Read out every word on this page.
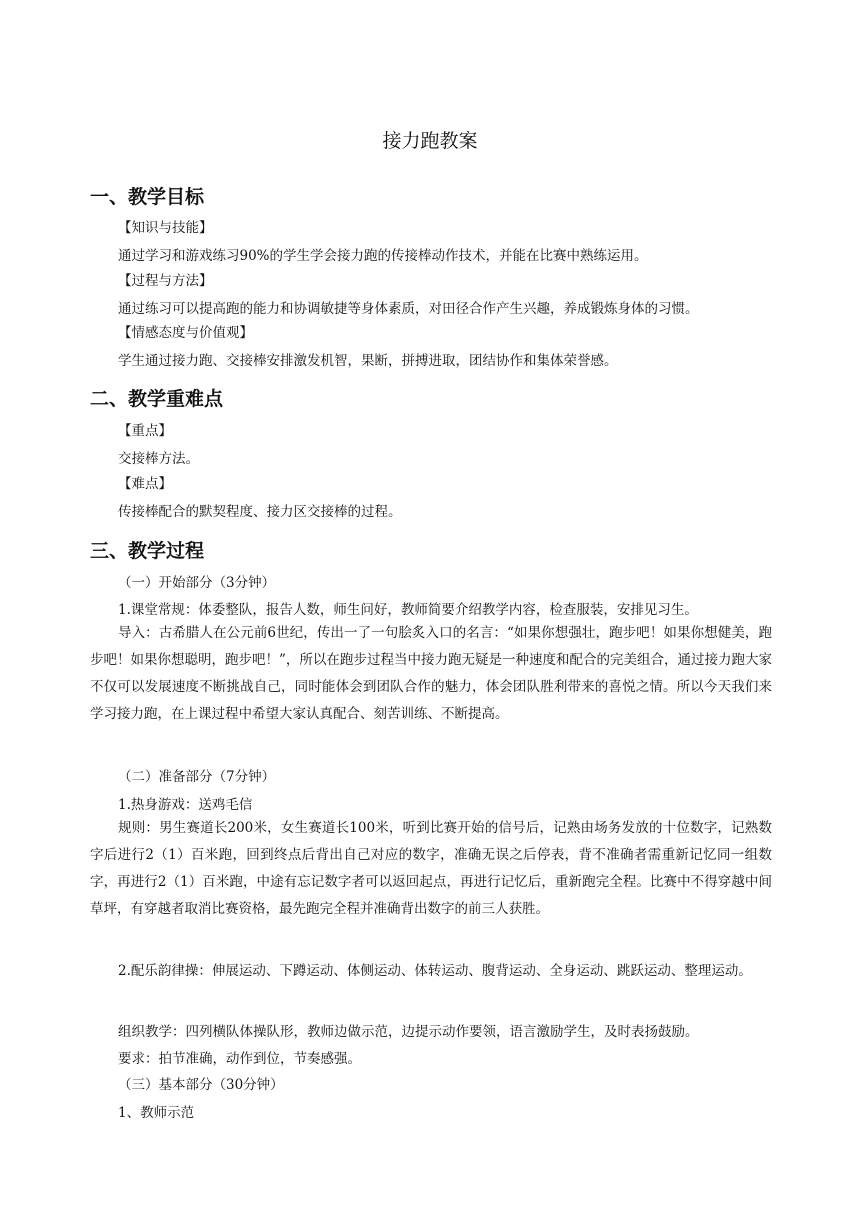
接力跑教案
一、教学目标
【知识与技能】
通过学习和游戏练习90%的学生学会接力跑的传接棒动作技术，并能在比赛中熟练运用。
【过程与方法】
通过练习可以提高跑的能力和协调敏捷等身体素质，对田径合作产生兴趣，养成锻炼身体的习惯。
【情感态度与价值观】
学生通过接力跑、交接棒安排激发机智，果断，拼搏进取，团结协作和集体荣誉感。
二、教学重难点
【重点】
交接棒方法。
【难点】
传接棒配合的默契程度、接力区交接棒的过程。
三、教学过程
（一）开始部分（3分钟）
1.课堂常规：体委整队，报告人数，师生问好，教师简要介绍教学内容，检查服装，安排见习生。
导入：古希腊人在公元前6世纪，传出一了一句脍炙入口的名言：“如果你想强壮，跑步吧！如果你想健美，跑步吧！如果你想聪明，跑步吧！”，所以在跑步过程当中接力跑无疑是一种速度和配合的完美组合，通过接力跑大家不仅可以发展速度不断挑战自己，同时能体会到团队合作的魅力，体会团队胜利带来的喜悦之情。所以今天我们来学习接力跑，在上课过程中希望大家认真配合、刻苦训练、不断提高。
（二）准备部分（7分钟）
1.热身游戏：送鸡毛信
规则：男生赛道长200米，女生赛道长100米，听到比赛开始的信号后，记熟由场务发放的十位数字，记熟数字后进行2（1）百米跑，回到终点后背出自己对应的数字，准确无误之后停表，背不准确者需重新记忆同一组数字，再进行2（1）百米跑，中途有忘记数字者可以返回起点，再进行记忆后，重新跑完全程。比赛中不得穿越中间草坪，有穿越者取消比赛资格，最先跑完全程并准确背出数字的前三人获胜。
2.配乐韵律操：伸展运动、下蹲运动、体侧运动、体转运动、腹背运动、全身运动、跳跃运动、整理运动。
组织教学：四列横队体操队形，教师边做示范，边提示动作要领，语言激励学生，及时表扬鼓励。
要求：拍节准确，动作到位，节奏感强。
（三）基本部分（30分钟）
1、教师示范
